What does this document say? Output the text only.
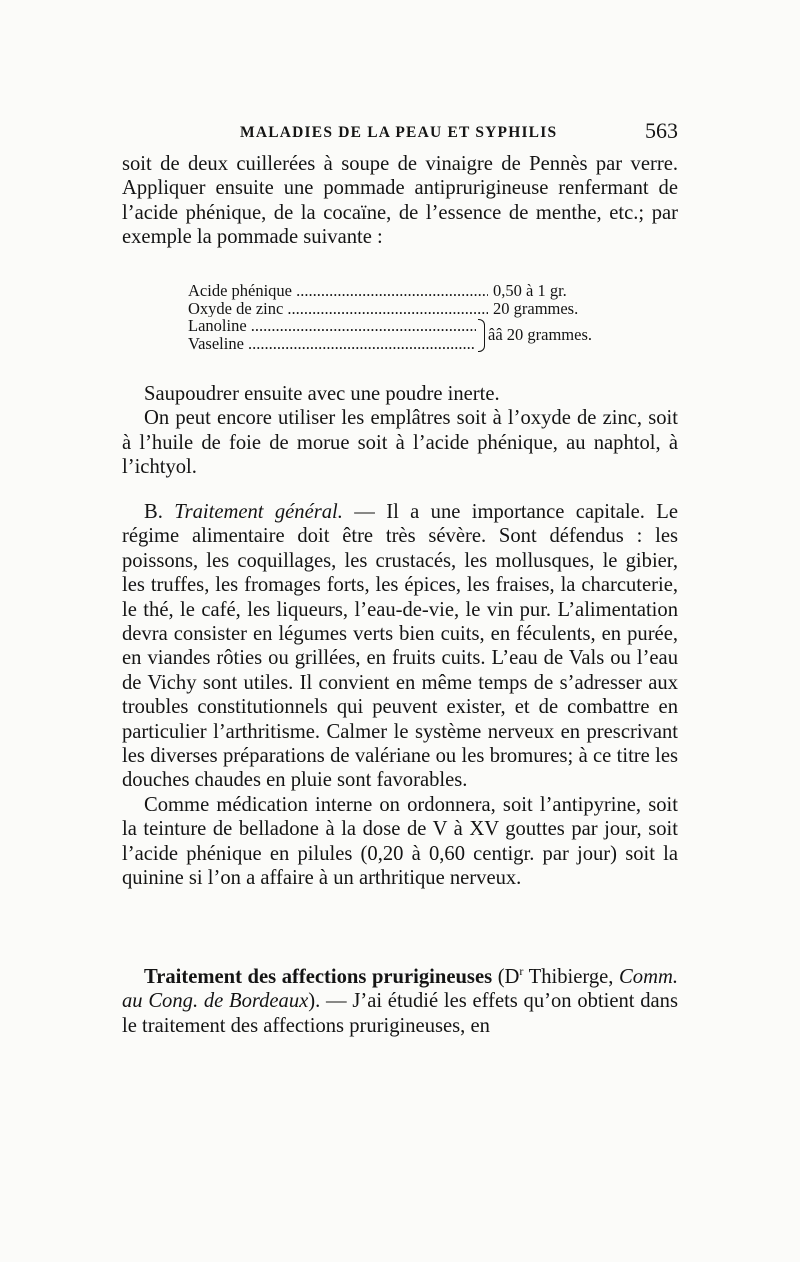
MALADIES DE LA PEAU ET SYPHILIS	563

soit de deux cuillerées à soupe de vinaigre de Pennès par verre. Appliquer ensuite une pommade antiprurigineuse renfermant de l’acide phénique, de la cocaïne, de l’essence de menthe, etc.; par exemple la pommade suivante :

Acide phénique .....	0,50 à 1 gr.
Oxyde de zinc .....	20 grammes.
Lanoline .....
Vaseline .....	ââ 20 grammes.

Saupoudrer ensuite avec une poudre inerte.

On peut encore utiliser les emplâtres soit à l’oxyde de zinc, soit à l’huile de foie de morue soit à l’acide phénique, au naphtol, à l’ichtyol.

B. Traitement général. — Il a une importance capitale. Le régime alimentaire doit être très sévère. Sont défendus : les poissons, les coquillages, les crustacés, les mollusques, le gibier, les truffes, les fromages forts, les épices, les fraises, la charcuterie, le thé, le café, les liqueurs, l’eau-de-vie, le vin pur. L’alimentation devra consister en légumes verts bien cuits, en féculents, en purée, en viandes rôties ou grillées, en fruits cuits. L’eau de Vals ou l’eau de Vichy sont utiles. Il convient en même temps de s’adresser aux troubles constitutionnels qui peuvent exister, et de combattre en particulier l’arthritisme. Calmer le système nerveux en prescrivant les diverses préparations de valériane ou les bromures; à ce titre les douches chaudes en pluie sont favorables.

Comme médication interne on ordonnera, soit l’antipyrine, soit la teinture de belladone à la dose de V à XV gouttes par jour, soit l’acide phénique en pilules (0,20 à 0,60 centigr. par jour) soit la quinine si l’on a affaire à un arthritique nerveux.

Traitement des affections prurigineuses ($D^r$ Thibierge, Comm. au Cong. de Bordeaux). — J’ai étudié les effets qu’on obtient dans le traitement des affections prurigineuses, en
